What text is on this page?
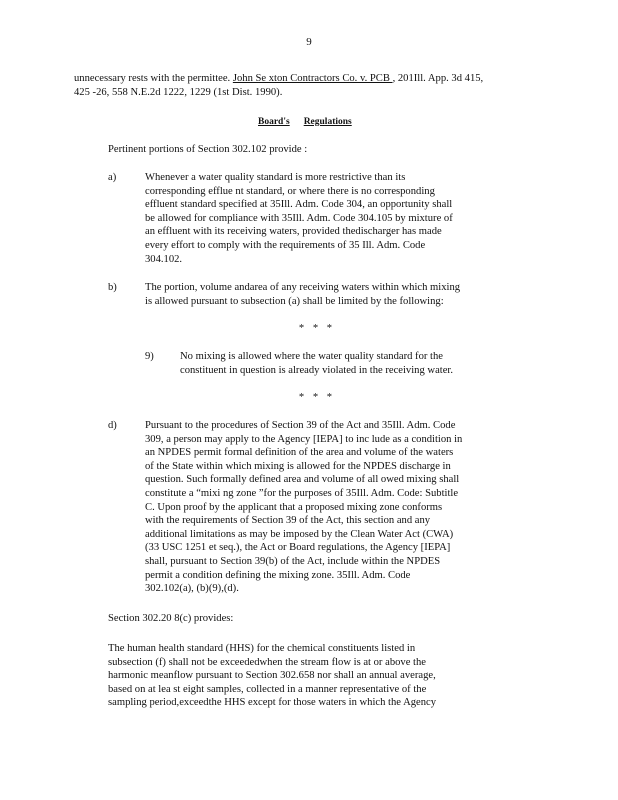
9
unnecessary rests with the permittee. John Se xton Contractors Co. v. PCB , 201Ill. App. 3d 415,
425 -26, 558 N.E.2d 1222, 1229 (1st Dist. 1990).
Board's Regulations
Pertinent portions of Section 302.102 provide :
a)	Whenever a water quality standard is more restrictive than its
corresponding efflue nt standard, or where there is no corresponding
effluent standard specified at 35Ill. Adm. Code 304, an opportunity shall
be allowed for compliance with 35Ill. Adm. Code 304.105 by mixture of
an effluent with its receiving waters, provided thedischarger has made
every effort to comply with the requirements of 35 Ill. Adm. Code
304.102.
b)	The portion, volume andarea of any receiving waters within which mixing
is allowed pursuant to subsection (a) shall be limited by the following:
* * *
9) No mixing is allowed where the water quality standard for the
constituent in question is already violated in the receiving water.
* * *
d)	Pursuant to the procedures of Section 39 of the Act and 35Ill. Adm. Code
309, a person may apply to the Agency [IEPA] to inc lude as a condition in
an NPDES permit formal definition of the area and volume of the waters
of the State within which mixing is allowed for the NPDES discharge in
question. Such formally defined area and volume of all owed mixing shall
constitute a “mixi ng zone ”for the purposes of 35Ill. Adm. Code: Subtitle
C. Upon proof by the applicant that a proposed mixing zone conforms
with the requirements of Section 39 of the Act, this section and any
additional limitations as may be imposed by the Clean Water Act (CWA)
(33 USC 1251 et seq.), the Act or Board regulations, the Agency [IEPA]
shall, pursuant to Section 39(b) of the Act, include within the NPDES
permit a condition defining the mixing zone. 35Ill. Adm. Code
302.102(a), (b)(9),(d).
Section 302.20 8(c) provides:
The human health standard (HHS) for the chemical constituents listed in
subsection (f) shall not be exceededwhen the stream flow is at or above the
harmonic meanflow pursuant to Section 302.658 nor shall an annual average,
based on at lea st eight samples, collected in a manner representative of the
sampling period,exceedthe HHS except for those waters in which the Agency
